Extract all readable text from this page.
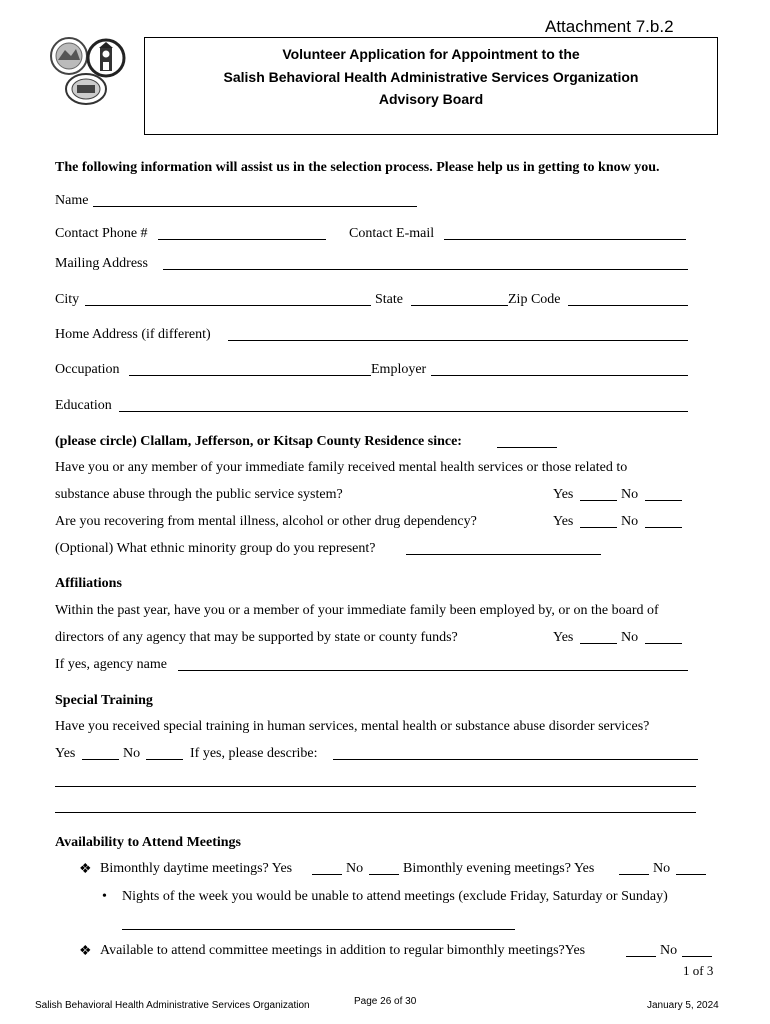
Attachment 7.b.2
Volunteer Application for Appointment to the
Salish Behavioral Health Administrative Services Organization
Advisory Board
The following information will assist us in the selection process. Please help us in getting to know you.
Name
Contact Phone #	Contact E-mail
Mailing Address
City	State	Zip Code
Home Address (if different)
Occupation	Employer
Education
(please circle) Clallam, Jefferson, or Kitsap County Residence since:
Have you or any member of your immediate family received mental health services or those related to
substance abuse through the public service system?	Yes	No
Are you recovering from mental illness, alcohol or other drug dependency?	Yes	No
(Optional) What ethnic minority group do you represent?
Affiliations
Within the past year, have you or a member of your immediate family been employed by, or on the board of
directors of any agency that may be supported by state or county funds?	Yes	No
If yes, agency name
Special Training
Have you received special training in human services, mental health or substance abuse disorder services?
Yes	No	If yes, please describe:
Availability to Attend Meetings
❖ Bimonthly daytime meetings? Yes	No	Bimonthly evening meetings? Yes	No
• Nights of the week you would be unable to attend meetings (exclude Friday, Saturday or Sunday)
❖ Available to attend committee meetings in addition to regular bimonthly meetings?Yes	No
1 of 3
Salish Behavioral Health Administrative Services Organization	Page 26 of 30	January 5, 2024
